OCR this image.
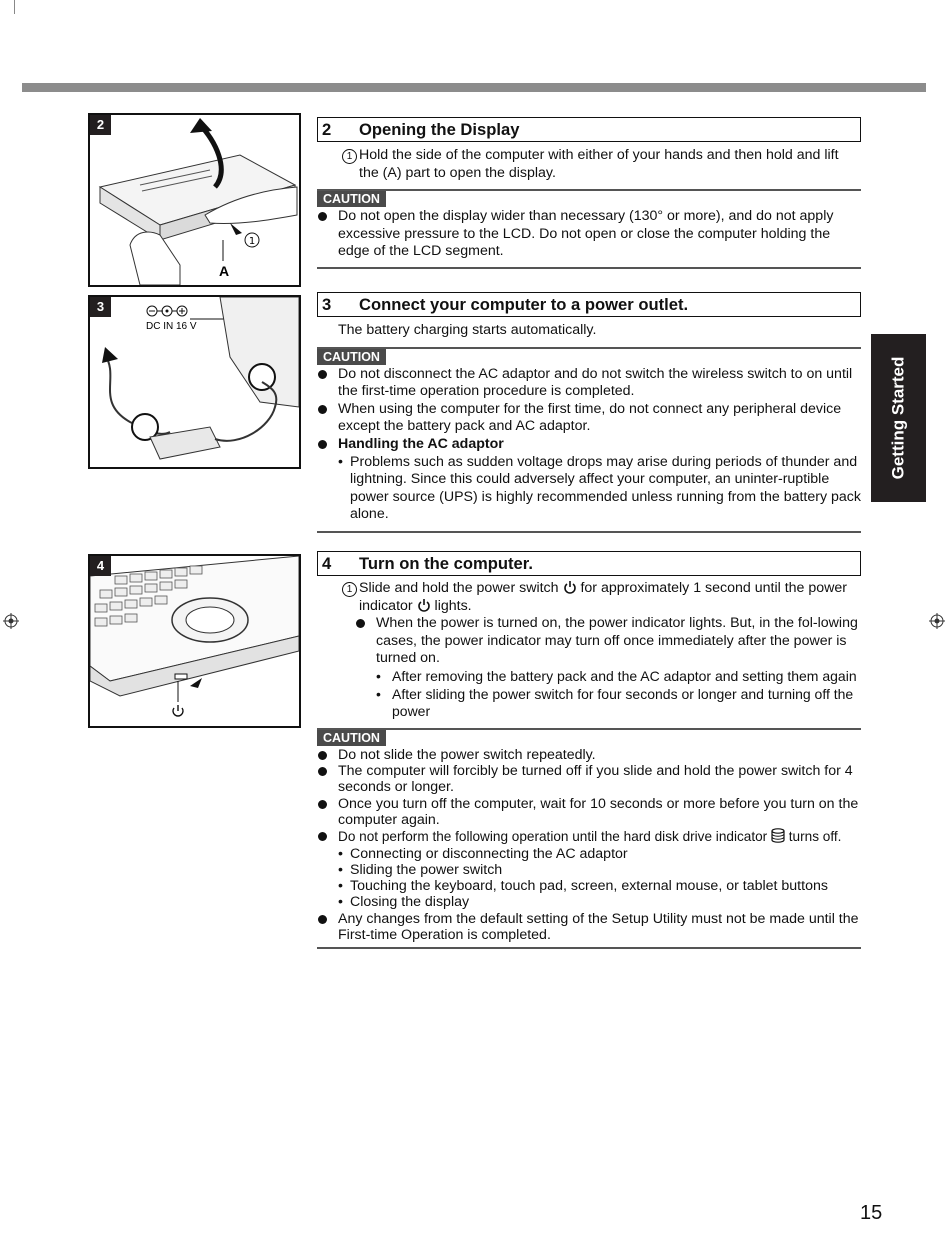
Getting Started
2
1
A
3
DC IN 16 V
4
2 Opening the Display
1 Hold the side of the computer with either of your hands and then hold and lift the (A) part to open the display.
CAUTION
Do not open the display wider than necessary (130° or more), and do not apply excessive pressure to the LCD. Do not open or close the computer holding the edge of the LCD segment.
3 Connect your computer to a power outlet.
The battery charging starts automatically.
CAUTION
Do not disconnect the AC adaptor and do not switch the wireless switch to on until the first-time operation procedure is completed.
When using the computer for the first time, do not connect any peripheral device except the battery pack and AC adaptor.
Handling the AC adaptor
• Problems such as sudden voltage drops may arise during periods of thunder and lightning. Since this could adversely affect your computer, an uninter-ruptible power source (UPS) is highly recommended unless running from the battery pack alone.
4 Turn on the computer.
1 Slide and hold the power switch for approximately 1 second until the power indicator lights.
When the power is turned on, the power indicator lights. But, in the fol-lowing cases, the power indicator may turn off once immediately after the power is turned on.
• After removing the battery pack and the AC adaptor and setting them again
• After sliding the power switch for four seconds or longer and turning off the power
CAUTION
Do not slide the power switch repeatedly.
The computer will forcibly be turned off if you slide and hold the power switch for 4 seconds or longer.
Once you turn off the computer, wait for 10 seconds or more before you turn on the computer again.
Do not perform the following operation until the hard disk drive indicator turns off.
• Connecting or disconnecting the AC adaptor
• Sliding the power switch
• Touching the keyboard, touch pad, screen, external mouse, or tablet buttons
• Closing the display
Any changes from the default setting of the Setup Utility must not be made until the First-time Operation is completed.
15
